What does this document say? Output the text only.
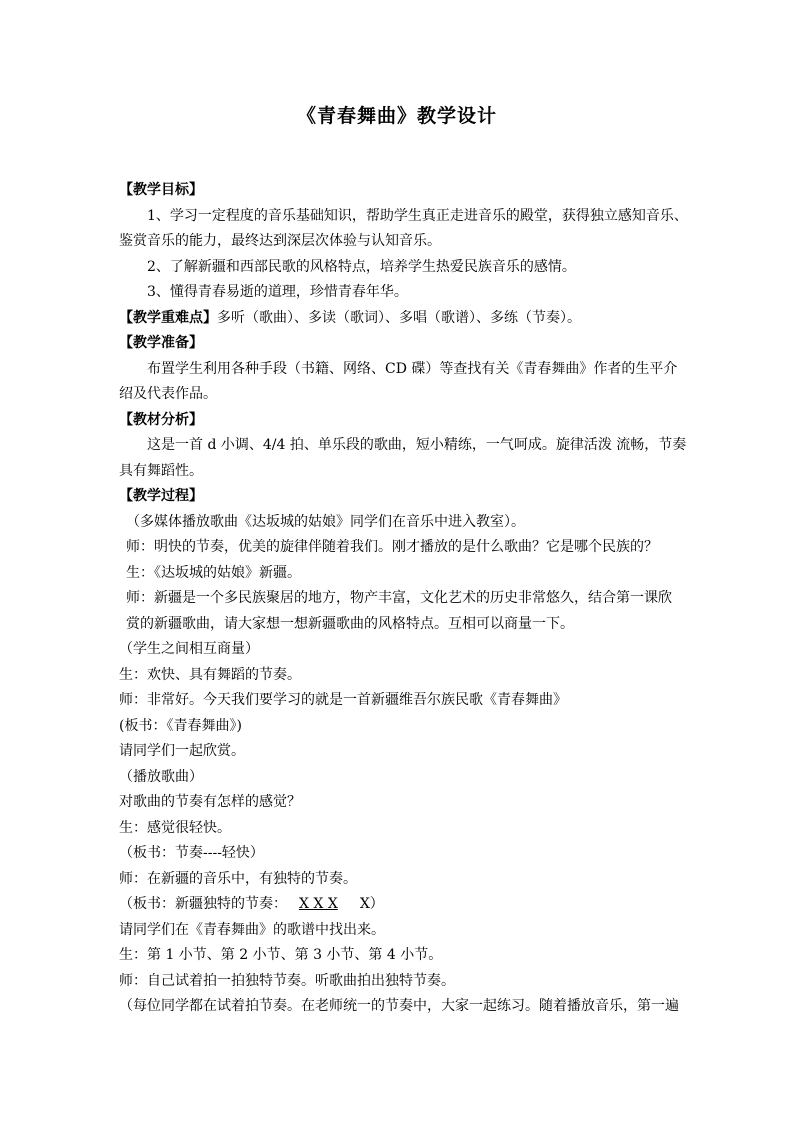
《青春舞曲》教学设计

【教学目标】

1、学习一定程度的音乐基础知识，帮助学生真正走进音乐的殿堂，获得独立感知音乐、

鉴赏音乐的能力，最终达到深层次体验与认知音乐。

2、了解新疆和西部民歌的风格特点，培养学生热爱民族音乐的感情。

3、懂得青春易逝的道理，珍惜青春年华。

【教学重难点】多听（歌曲）、多读（歌词）、多唱（歌谱）、多练（节奏）。

【教学准备】

布置学生利用各种手段（书籍、网络、CD 碟）等查找有关《青春舞曲》作者的生平介

绍及代表作品。

【教材分析】

这是一首 d 小调、4/4 拍、单乐段的歌曲，短小精练，一气呵成。旋律活泼 流畅，节奏

具有舞蹈性。

【教学过程】

（多媒体播放歌曲《达坂城的姑娘》同学们在音乐中进入教室）。

师：明快的节奏，优美的旋律伴随着我们。刚才播放的是什么歌曲？它是哪个民族的？

生：《达坂城的姑娘》新疆。

师：新疆是一个多民族聚居的地方，物产丰富，文化艺术的历史非常悠久，结合第一课欣

赏的新疆歌曲，请大家想一想新疆歌曲的风格特点。互相可以商量一下。

（学生之间相互商量）

生：欢快、具有舞蹈的节奏。

师：非常好。今天我们要学习的就是一首新疆维吾尔族民歌《青春舞曲》

(板书：《青春舞曲》)

请同学们一起欣赏。

（播放歌曲）

对歌曲的节奏有怎样的感觉？

生：感觉很轻快。

（板书：节奏----轻快）

师：在新疆的音乐中，有独特的节奏。

（板书：新疆独特的节奏： X X X X）

请同学们在《青春舞曲》的歌谱中找出来。

生：第 1 小节、第 2 小节、第 3 小节、第 4 小节。

师：自己试着拍一拍独特节奏。听歌曲拍出独特节奏。

（每位同学都在试着拍节奏。在老师统一的节奏中，大家一起练习。随着播放音乐，第一遍
